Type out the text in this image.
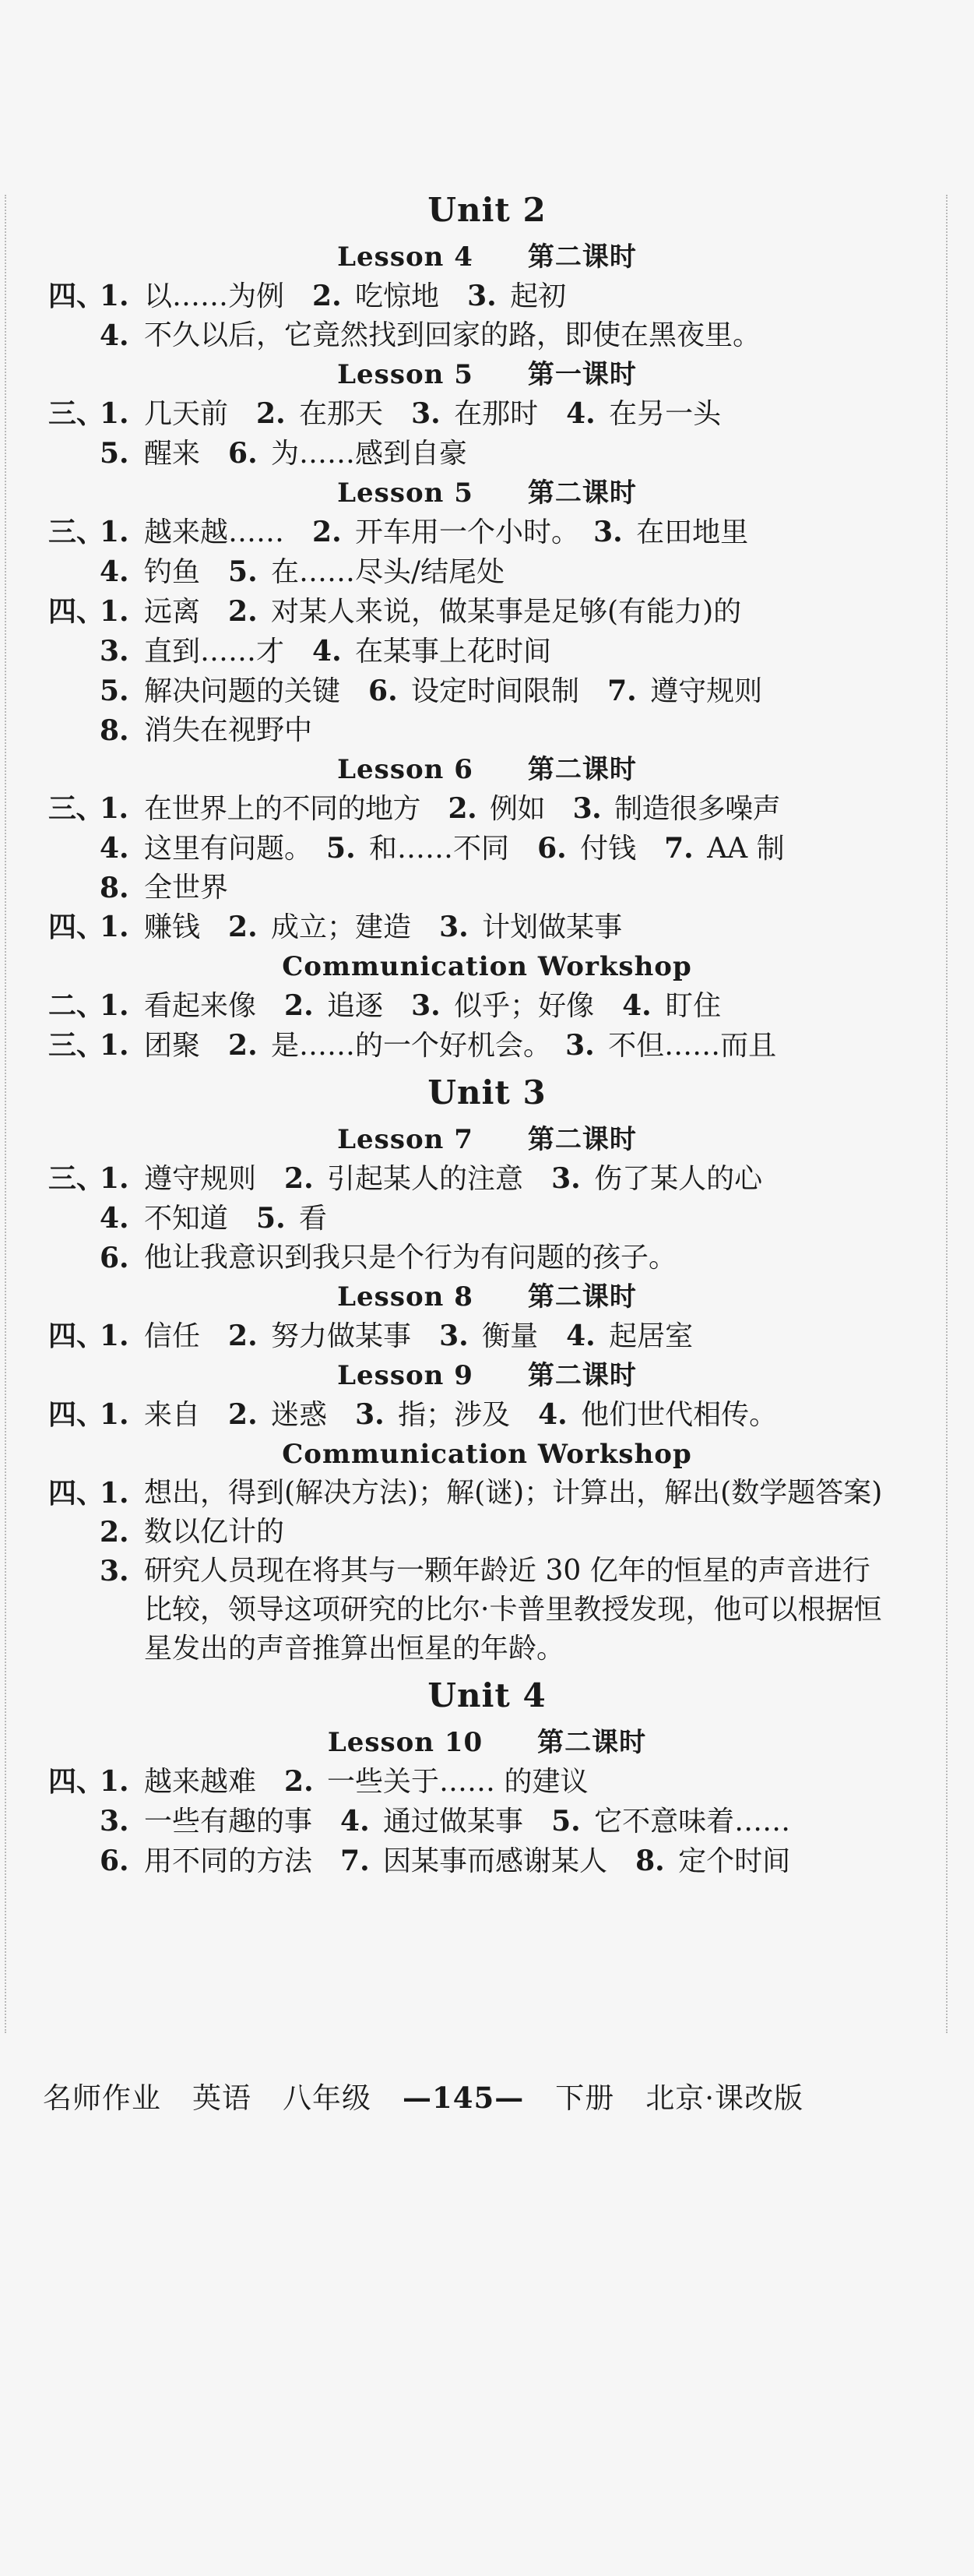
Unit 2
Lesson 4　　第二课时
四、
1. 以……为例　2. 吃惊地　3. 起初
4. 不久以后，它竟然找到回家的路，即使在黑夜里。
Lesson 5　　第一课时
三、
1. 几天前　2. 在那天　3. 在那时　4. 在另一头
5. 醒来　6. 为……感到自豪
Lesson 5　　第二课时
三、
1. 越来越……　2. 开车用一个小时。　3. 在田地里
4. 钓鱼　5. 在……尽头/结尾处
四、
1. 远离　2. 对某人来说，做某事是足够(有能力)的
3. 直到……才　4. 在某事上花时间
5. 解决问题的关键　6. 设定时间限制　7. 遵守规则
8. 消失在视野中
Lesson 6　　第二课时
三、
1. 在世界上的不同的地方　2. 例如　3. 制造很多噪声
4. 这里有问题。　5. 和……不同　6. 付钱　7. AA 制
8. 全世界
四、
1. 赚钱　2. 成立；建造　3. 计划做某事
Communication Workshop
二、
1. 看起来像　2. 追逐　3. 似乎；好像　4. 盯住
三、
1. 团聚　2. 是……的一个好机会。　3. 不但……而且
Unit 3
Lesson 7　　第二课时
三、
1. 遵守规则　2. 引起某人的注意　3. 伤了某人的心
4. 不知道　5. 看
6. 他让我意识到我只是个行为有问题的孩子。
Lesson 8　　第二课时
四、
1. 信任　2. 努力做某事　3. 衡量　4. 起居室
Lesson 9　　第二课时
四、
1. 来自　2. 迷惑　3. 指；涉及　4. 他们世代相传。
Communication Workshop
四、
1. 想出，得到(解决方法)；解(谜)；计算出，解出(数学题答案)
2. 数以亿计的
3. 研究人员现在将其与一颗年龄近 30 亿年的恒星的声音进行比较，领导这项研究的比尔·卡普里教授发现，他可以根据恒星发出的声音推算出恒星的年龄。
Unit 4
Lesson 10　　第二课时
四、
1. 越来越难　2. 一些关于…… 的建议
3. 一些有趣的事　4. 通过做某事　5. 它不意味着……
6. 用不同的方法　7. 因某事而感谢某人　8. 定个时间
名师作业 英语 八年级 —145— 下册 北京·课改版
